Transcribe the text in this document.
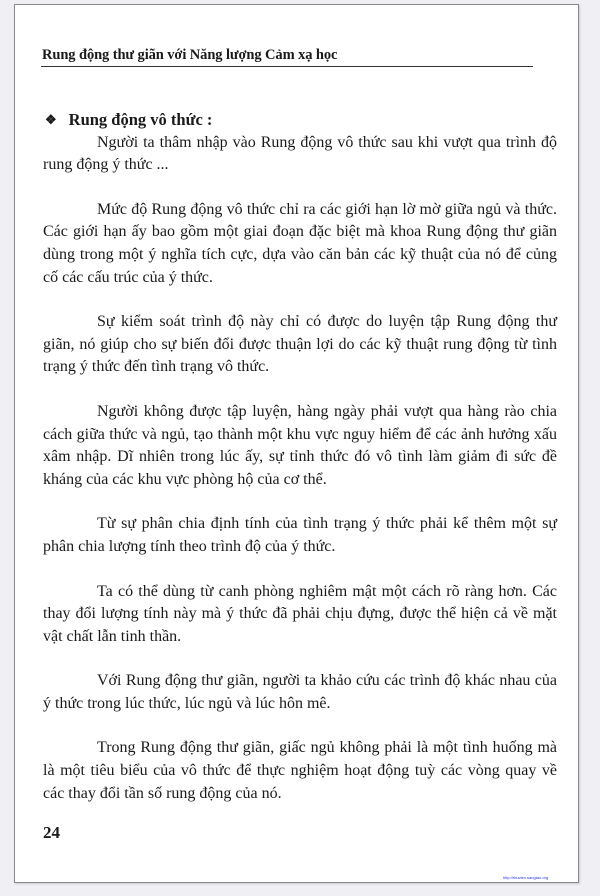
Rung động thư giãn với Năng lượng Cảm xạ học
❖ Rung động vô thức :

Người ta thâm nhập vào Rung động vô thức sau khi vượt qua trình độ rung động ý thức ...

Mức độ Rung động vô thức chỉ ra các giới hạn lờ mờ giữa ngủ và thức. Các giới hạn ấy bao gồm một giai đoạn đặc biệt mà khoa Rung động thư giãn dùng trong một ý nghĩa tích cực, dựa vào căn bản các kỹ thuật của nó để củng cố các cấu trúc của ý thức.

Sự kiểm soát trình độ này chỉ có được do luyện tập Rung động thư giãn, nó giúp cho sự biến đổi được thuận lợi do các kỹ thuật rung động từ tình trạng ý thức đến tình trạng vô thức.

Người không được tập luyện, hàng ngày phải vượt qua hàng rào chia cách giữa thức và ngủ, tạo thành một khu vực nguy hiểm để các ảnh hưởng xấu xâm nhập. Dĩ nhiên trong lúc ấy, sự tỉnh thức đó vô tình làm giảm đi sức đề kháng của các khu vực phòng hộ của cơ thể.

Từ sự phân chia định tính của tình trạng ý thức phải kể thêm một sự phân chia lượng tính theo trình độ của ý thức.

Ta có thể dùng từ canh phòng nghiêm mật một cách rõ ràng hơn. Các thay đổi lượng tính này mà ý thức đã phải chịu đựng, được thể hiện cả về mặt vật chất lẫn tinh thần.

Với Rung động thư giãn, người ta khảo cứu các trình độ khác nhau của ý thức trong lúc thức, lúc ngủ và lúc hôn mê.

Trong Rung động thư giãn, giấc ngủ không phải là một tình huống mà là một tiêu biểu của vô thức để thực nghiệm hoạt động tuỳ các vòng quay về các thay đổi tần số rung động của nó.

24
http://thuvien.sangtao.org
